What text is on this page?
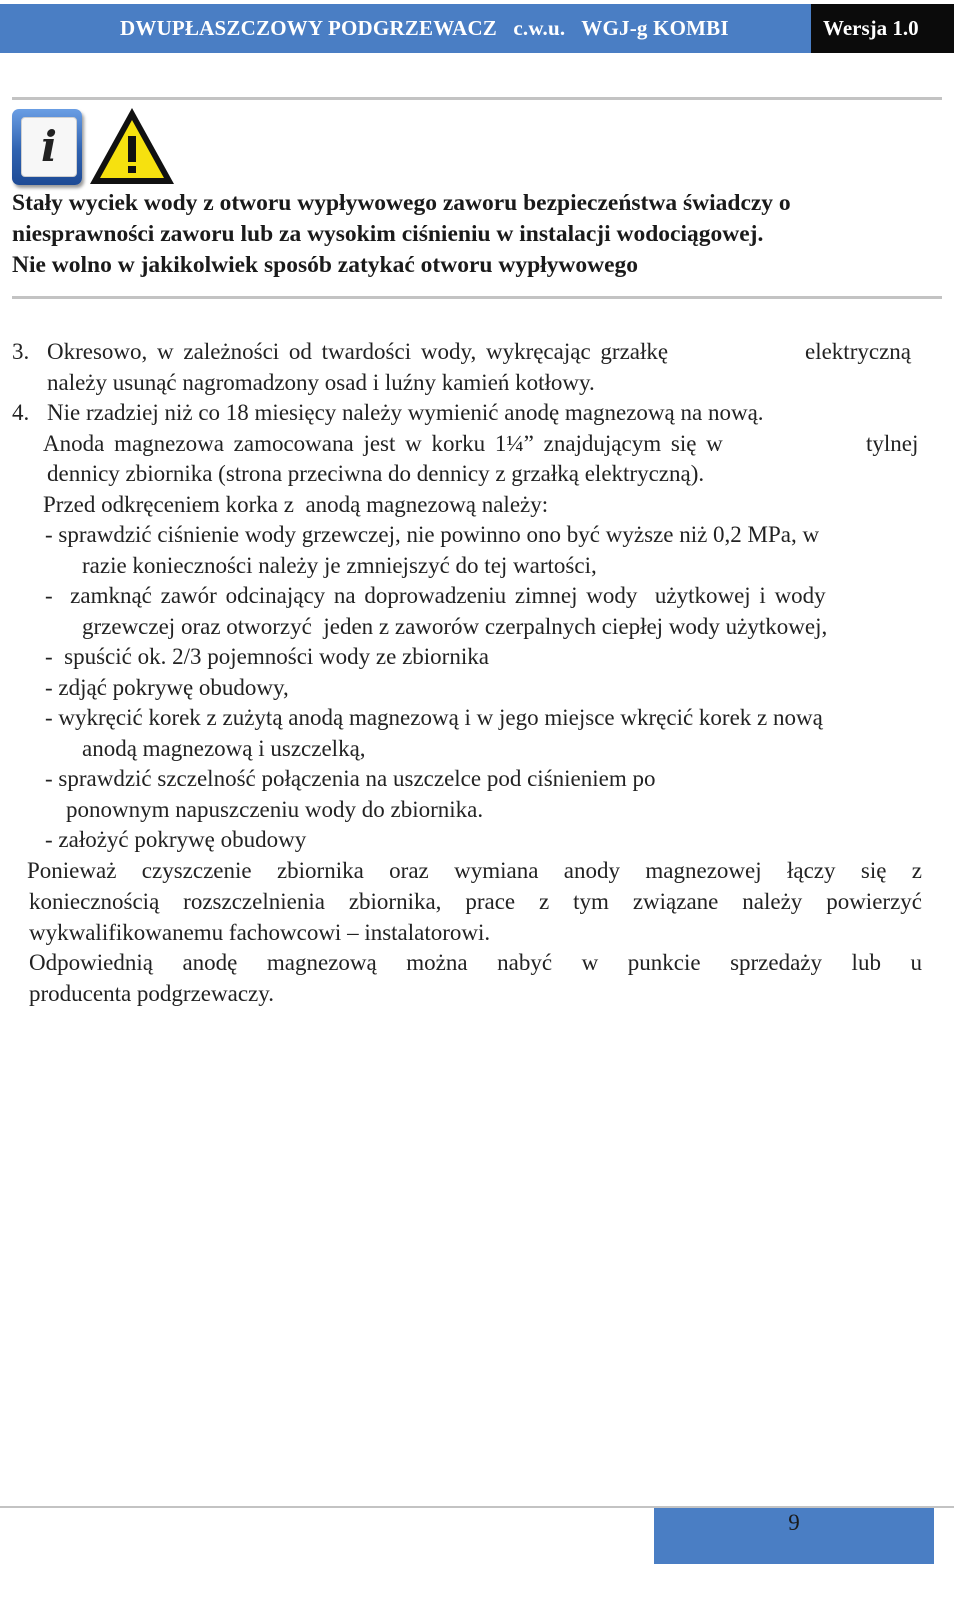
DWUPŁASZCZOWY PODGRZEWACZ   c.w.u.   WGJ-g KOMBI	Wersja 1.0
i
Stały wyciek wody z otworu wypływowego zaworu bezpieczeństwa świadczy o
niesprawności zaworu lub za wysokim ciśnieniu w instalacji wodociągowej.
Nie wolno w jakikolwiek sposób zatykać otworu wypływowego
3. Okresowo, w zależności od twardości wody, wykręcając grzałkę	elektryczną
należy usunąć nagromadzony osad i luźny kamień kotłowy.
4. Nie rzadziej niż co 18 miesięcy należy wymienić anodę magnezową na nową.
Anoda magnezowa zamocowana jest w korku 1¼” znajdującym się w	tylnej
dennicy zbiornika (strona przeciwna do dennicy z grzałką elektryczną).
Przed odkręceniem korka z  anodą magnezową należy:
- sprawdzić ciśnienie wody grzewczej, nie powinno ono być wyższe niż 0,2 MPa, w
razie konieczności należy je zmniejszyć do tej wartości,
-  zamknąć zawór odcinający na doprowadzeniu zimnej wody  użytkowej i wody
grzewczej oraz otworzyć  jeden z zaworów czerpalnych ciepłej wody użytkowej,
-  spuścić ok. 2/3 pojemności wody ze zbiornika
- zdjąć pokrywę obudowy,
- wykręcić korek z zużytą anodą magnezową i w jego miejsce wkręcić korek z nową
anodą magnezową i uszczelką,
- sprawdzić szczelność połączenia na uszczelce pod ciśnieniem po
ponownym napuszczeniu wody do zbiornika.
- założyć pokrywę obudowy
Ponieważ czyszczenie zbiornika oraz wymiana anody magnezowej łączy się z
koniecznością rozszczelnienia zbiornika, prace z tym związane należy powierzyć
wykwalifikowanemu fachowcowi – instalatorowi.
Odpowiednią anodę magnezową można nabyć w punkcie sprzedaży lub u
producenta podgrzewaczy.
9
